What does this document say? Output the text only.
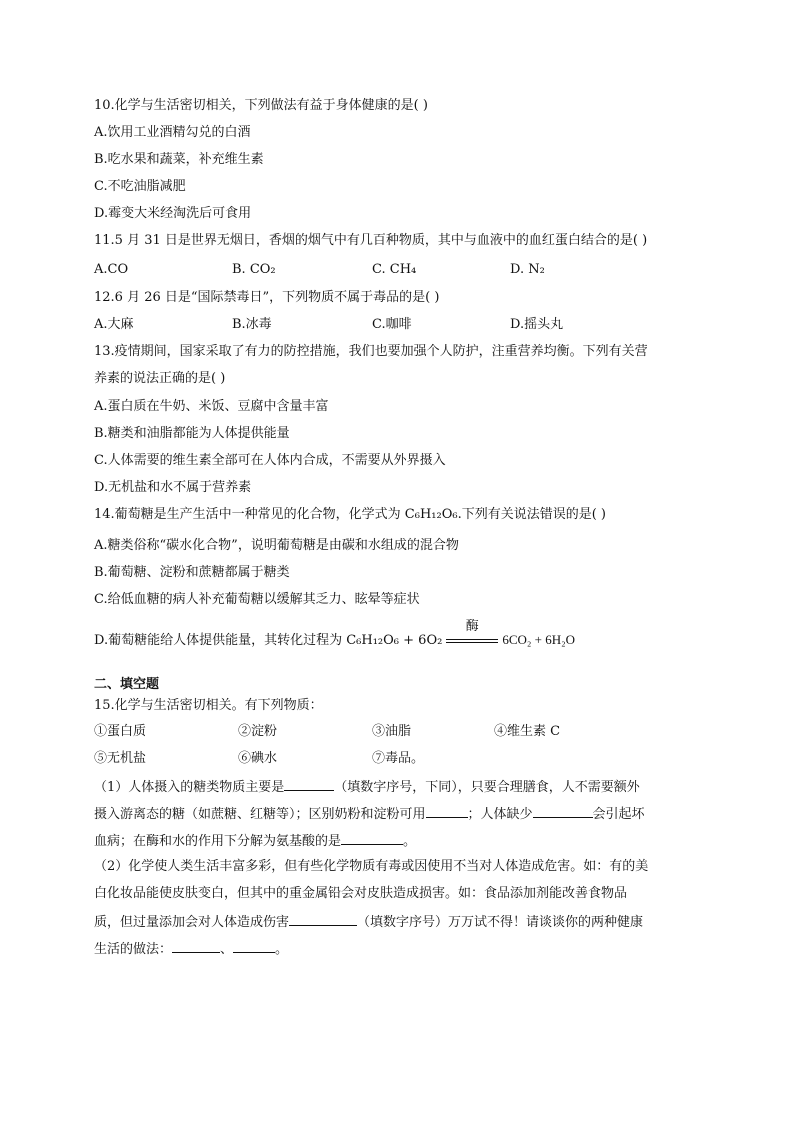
10.化学与生活密切相关，下列做法有益于身体健康的是( )
A.饮用工业酒精勾兑的白酒
B.吃水果和蔬菜，补充维生素
C.不吃油脂减肥
D.霉变大米经淘洗后可食用
11.5 月 31 日是世界无烟日，香烟的烟气中有几百种物质，其中与血液中的血红蛋白结合的是( )
A.CO	B. CO₂	C. CH₄	D. N₂
12.6 月 26 日是“国际禁毒日”，下列物质不属于毒品的是( )
A.大麻	B.冰毒	C.咖啡	D.摇头丸
13.疫情期间，国家采取了有力的防控措施，我们也要加强个人防护，注重营养均衡。下列有关营
养素的说法正确的是( )
A.蛋白质在牛奶、米饭、豆腐中含量丰富
B.糖类和油脂都能为人体提供能量
C.人体需要的维生素全部可在人体内合成，不需要从外界摄入
D.无机盐和水不属于营养素
14.葡萄糖是生产生活中一种常见的化合物，化学式为 C₆H₁₂O₆.下列有关说法错误的是( )
A.糖类俗称“碳水化合物”，说明葡萄糖是由碳和水组成的混合物
B.葡萄糖、淀粉和蔗糖都属于糖类
C.给低血糖的病人补充葡萄糖以缓解其乏力、眩晕等症状
D.葡萄糖能给人体提供能量，其转化过程为 C₆H₁₂O₆ + 6O₂
酶
6CO₂ + 6H₂O
二、填空题
15.化学与生活密切相关。有下列物质：
①蛋白质	②淀粉	③油脂	④维生素 C
⑤无机盐	⑥碘水	⑦毒品。
（1）人体摄入的糖类物质主要是	（填数字序号，下同），只要合理膳食，人不需要额外
摄入游离态的糖（如蔗糖、红糖等）；区别奶粉和淀粉可用	；人体缺少	会引起坏
血病；在酶和水的作用下分解为氨基酸的是	。
（2）化学使人类生活丰富多彩，但有些化学物质有毒或因使用不当对人体造成危害。如：有的美
白化妆品能使皮肤变白，但其中的重金属铅会对皮肤造成损害。如：食品添加剂能改善食物品
质，但过量添加会对人体造成伤害	（填数字序号）万万试不得！请谈谈你的两种健康
生活的做法：	、	。
